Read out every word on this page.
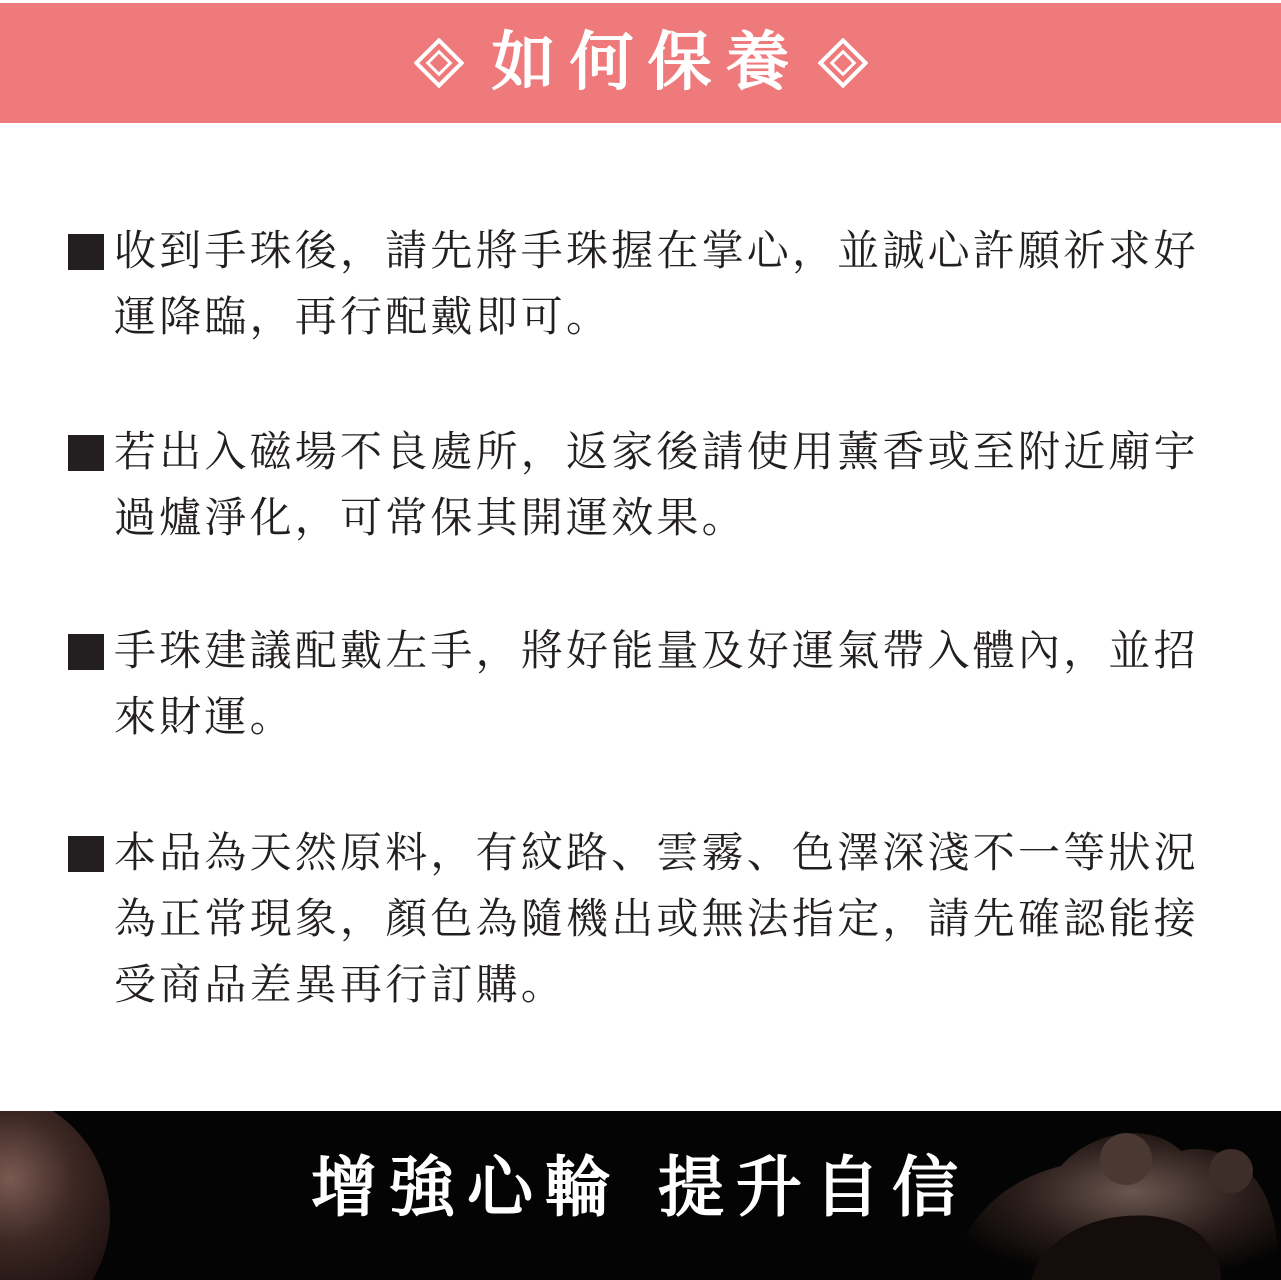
如何保養

收到手珠後，請先將手珠握在掌心，並誠心許願祈求好運降臨，再行配戴即可。

若出入磁場不良處所，返家後請使用薰香或至附近廟宇過爐淨化，可常保其開運效果。

手珠建議配戴左手，將好能量及好運氣帶入體內，並招來財運。

本品為天然原料，有紋路、雲霧、色澤深淺不一等狀況為正常現象，顏色為隨機出或無法指定，請先確認能接受商品差異再行訂購。

增強心輪 提升自信
